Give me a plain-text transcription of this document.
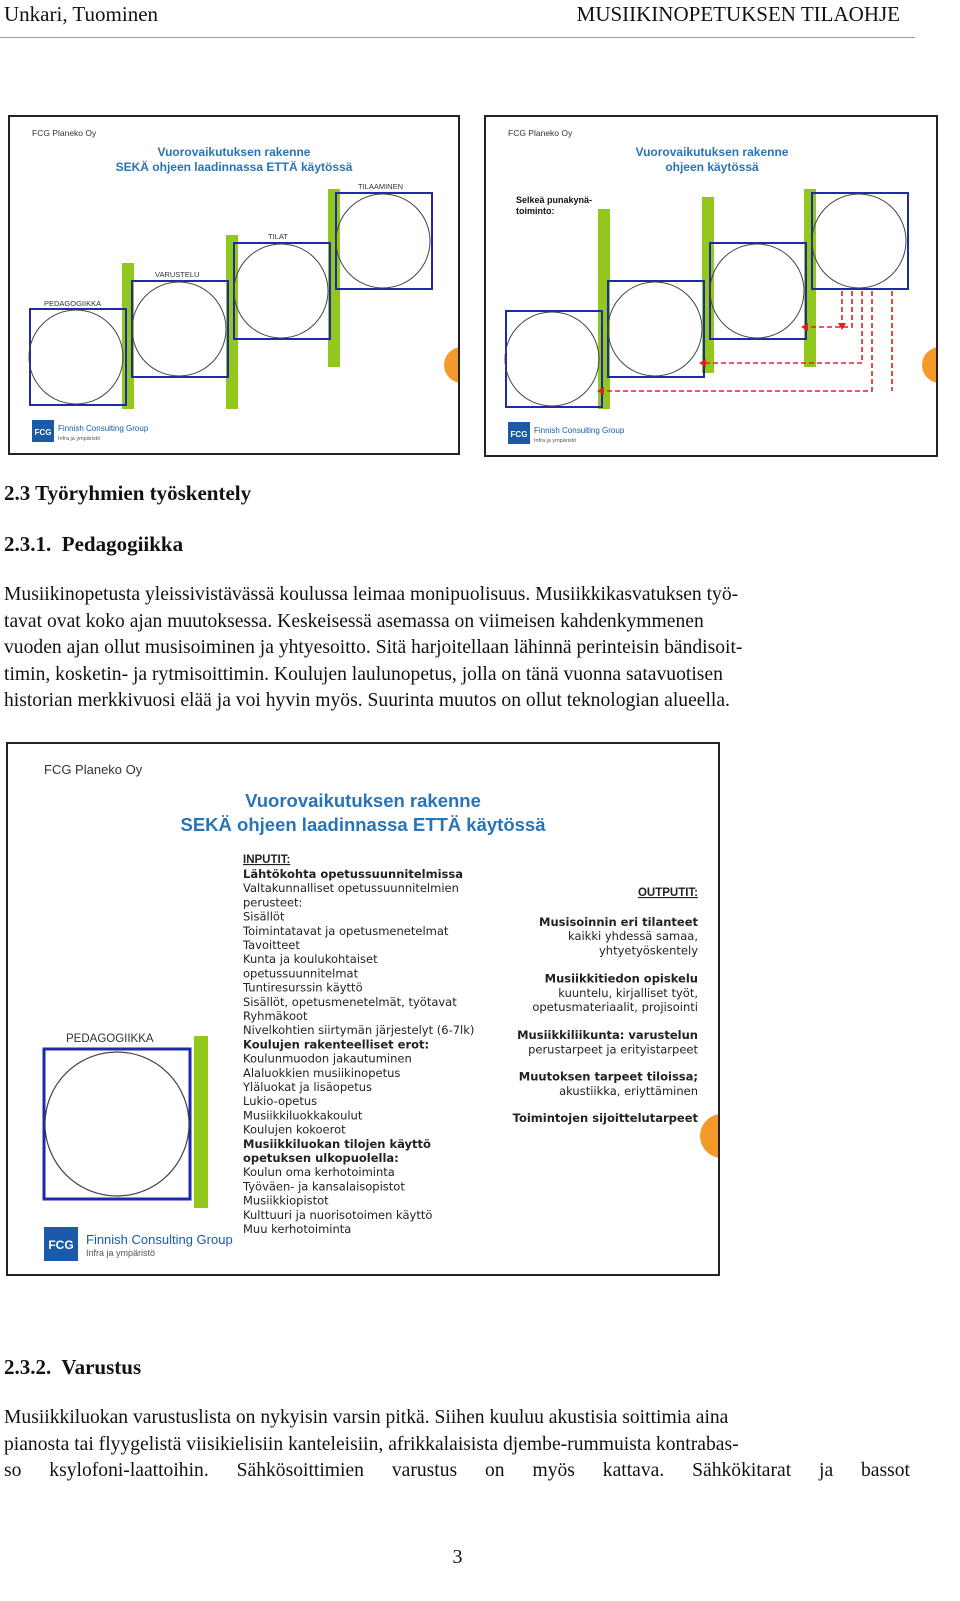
Unkari, Tuominen	MUSIIKINOPETUKSEN TILAOHJE
FCG Planeko Oy
Vuorovaikutuksen rakenne
SEKÄ ohjeen laadinnassa ETTÄ käytössä
PEDAGOGIIKKA
VARUSTELU
TILAT
TILAAMINEN
FCG Finnish Consulting Group
Infra ja ympäristö
FCG Planeko Oy
Vuorovaikutuksen rakenne
ohjeen käytössä
Selkeä punakynä-
toiminto:
FCG Finnish Consulting Group
Infra ja ympäristö
2.3 Työryhmien työskentely
2.3.1.  Pedagogiikka
Musiikinopetusta yleissivistävässä koulussa leimaa monipuolisuus. Musiikkikasvatuksen työ-
tavat ovat koko ajan muutoksessa. Keskeisessä asemassa on viimeisen kahdenkymmenen
vuoden ajan ollut musisoiminen ja yhtyesoitto. Sitä harjoitellaan lähinnä perinteisin bändisoit-
timin, kosketin- ja rytmisoittimin. Koulujen laulunopetus, jolla on tänä vuonna satavuotisen
historian merkkivuosi elää ja voi hyvin myös. Suurinta muutos on ollut teknologian alueella.
FCG Planeko Oy
Vuorovaikutuksen rakenne
SEKÄ ohjeen laadinnassa ETTÄ käytössä
PEDAGOGIIKKA
INPUTIT:
Lähtökohta opetussuunnitelmissa
Valtakunnalliset opetussuunnitelmien
perusteet:
Sisällöt
Toimintatavat ja opetusmenetelmat
Tavoitteet
Kunta ja koulukohtaiset
opetussuunnitelmat
Tuntiresurssin käyttö
Sisällöt, opetusmenetelmät, työtavat
Ryhmäkoot
Nivelkohtien siirtymän järjestelyt (6-7lk)
Koulujen rakenteelliset erot:
Koulunmuodon jakautuminen
Alaluokkien musiikinopetus
Yläluokat ja lisäopetus
Lukio-opetus
Musiikkiluokkakoulut
Koulujen kokoerot
Musiikkiluokan tilojen käyttö
opetuksen ulkopuolella:
Koulun oma kerhotoiminta
Työväen- ja kansalaisopistot
Musiikkiopistot
Kulttuuri ja nuorisotoimen käyttö
Muu kerhotoiminta
OUTPUTIT:
Musisoinnin eri tilanteet
kaikki yhdessä samaa,
yhtyetyöskentely
Musiikkitiedon opiskelu
kuuntelu, kirjalliset työt,
opetusmateriaalit, projisointi
Musiikkiliikunta: varustelun
perustarpeet ja erityistarpeet
Muutoksen tarpeet tiloissa;
akustiikka, eriyttäminen
Toimintojen sijoittelutarpeet
FCG Finnish Consulting Group
Infra ja ympäristö
2.3.2.  Varustus
Musiikkiluokan varustuslista on nykyisin varsin pitkä. Siihen kuuluu akustisia soittimia aina
pianosta tai flyygelistä viisikielisiin kanteleisiin, afrikkalaisista djembe-rummuista kontrabas-
so ksylofoni-laattoihin. Sähkösoittimien varustus on myös kattava. Sähkökitarat ja bassot
3
